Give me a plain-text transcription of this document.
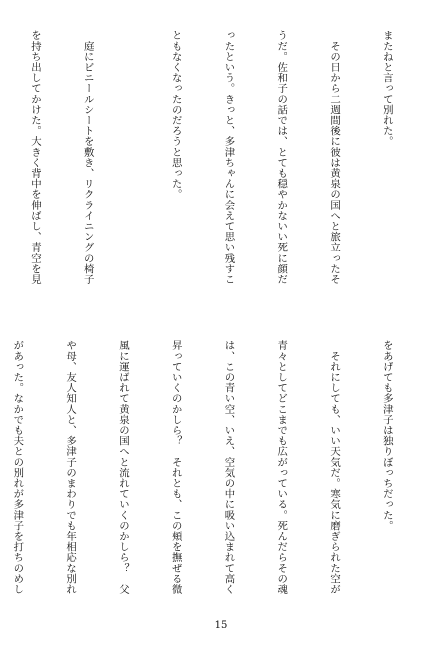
またねと言って別れた。

　その日から二週間後に彼は黄泉の国へと旅立ったそ

うだ。佐和子の話では、とても穏やかないい死に顔だ

ったという。きっと、多津ちゃんに会えて思い残すこ

ともなくなったのだろうと思った。

　庭にビニールシートを敷き、リクライニングの椅子

を持ち出してかけた。大きく背中を伸ばし、青空を見

をあげても多津子は独りぼっちだった。

　それにしても、いい天気だ。寒気に磨ぎられた空が

青々としてどこまでも広がっている。死んだらその魂

は、この青い空、いえ、空気の中に吸い込まれて高く

昇っていくのかしら？　それとも、この頬を撫ぜる微

風に運ばれて黄泉の国へと流れていくのかしら？　父

や母、友人知人と、多津子のまわりでも年相応な別れ

があった。なかでも夫との別れが多津子を打ちのめし

15
